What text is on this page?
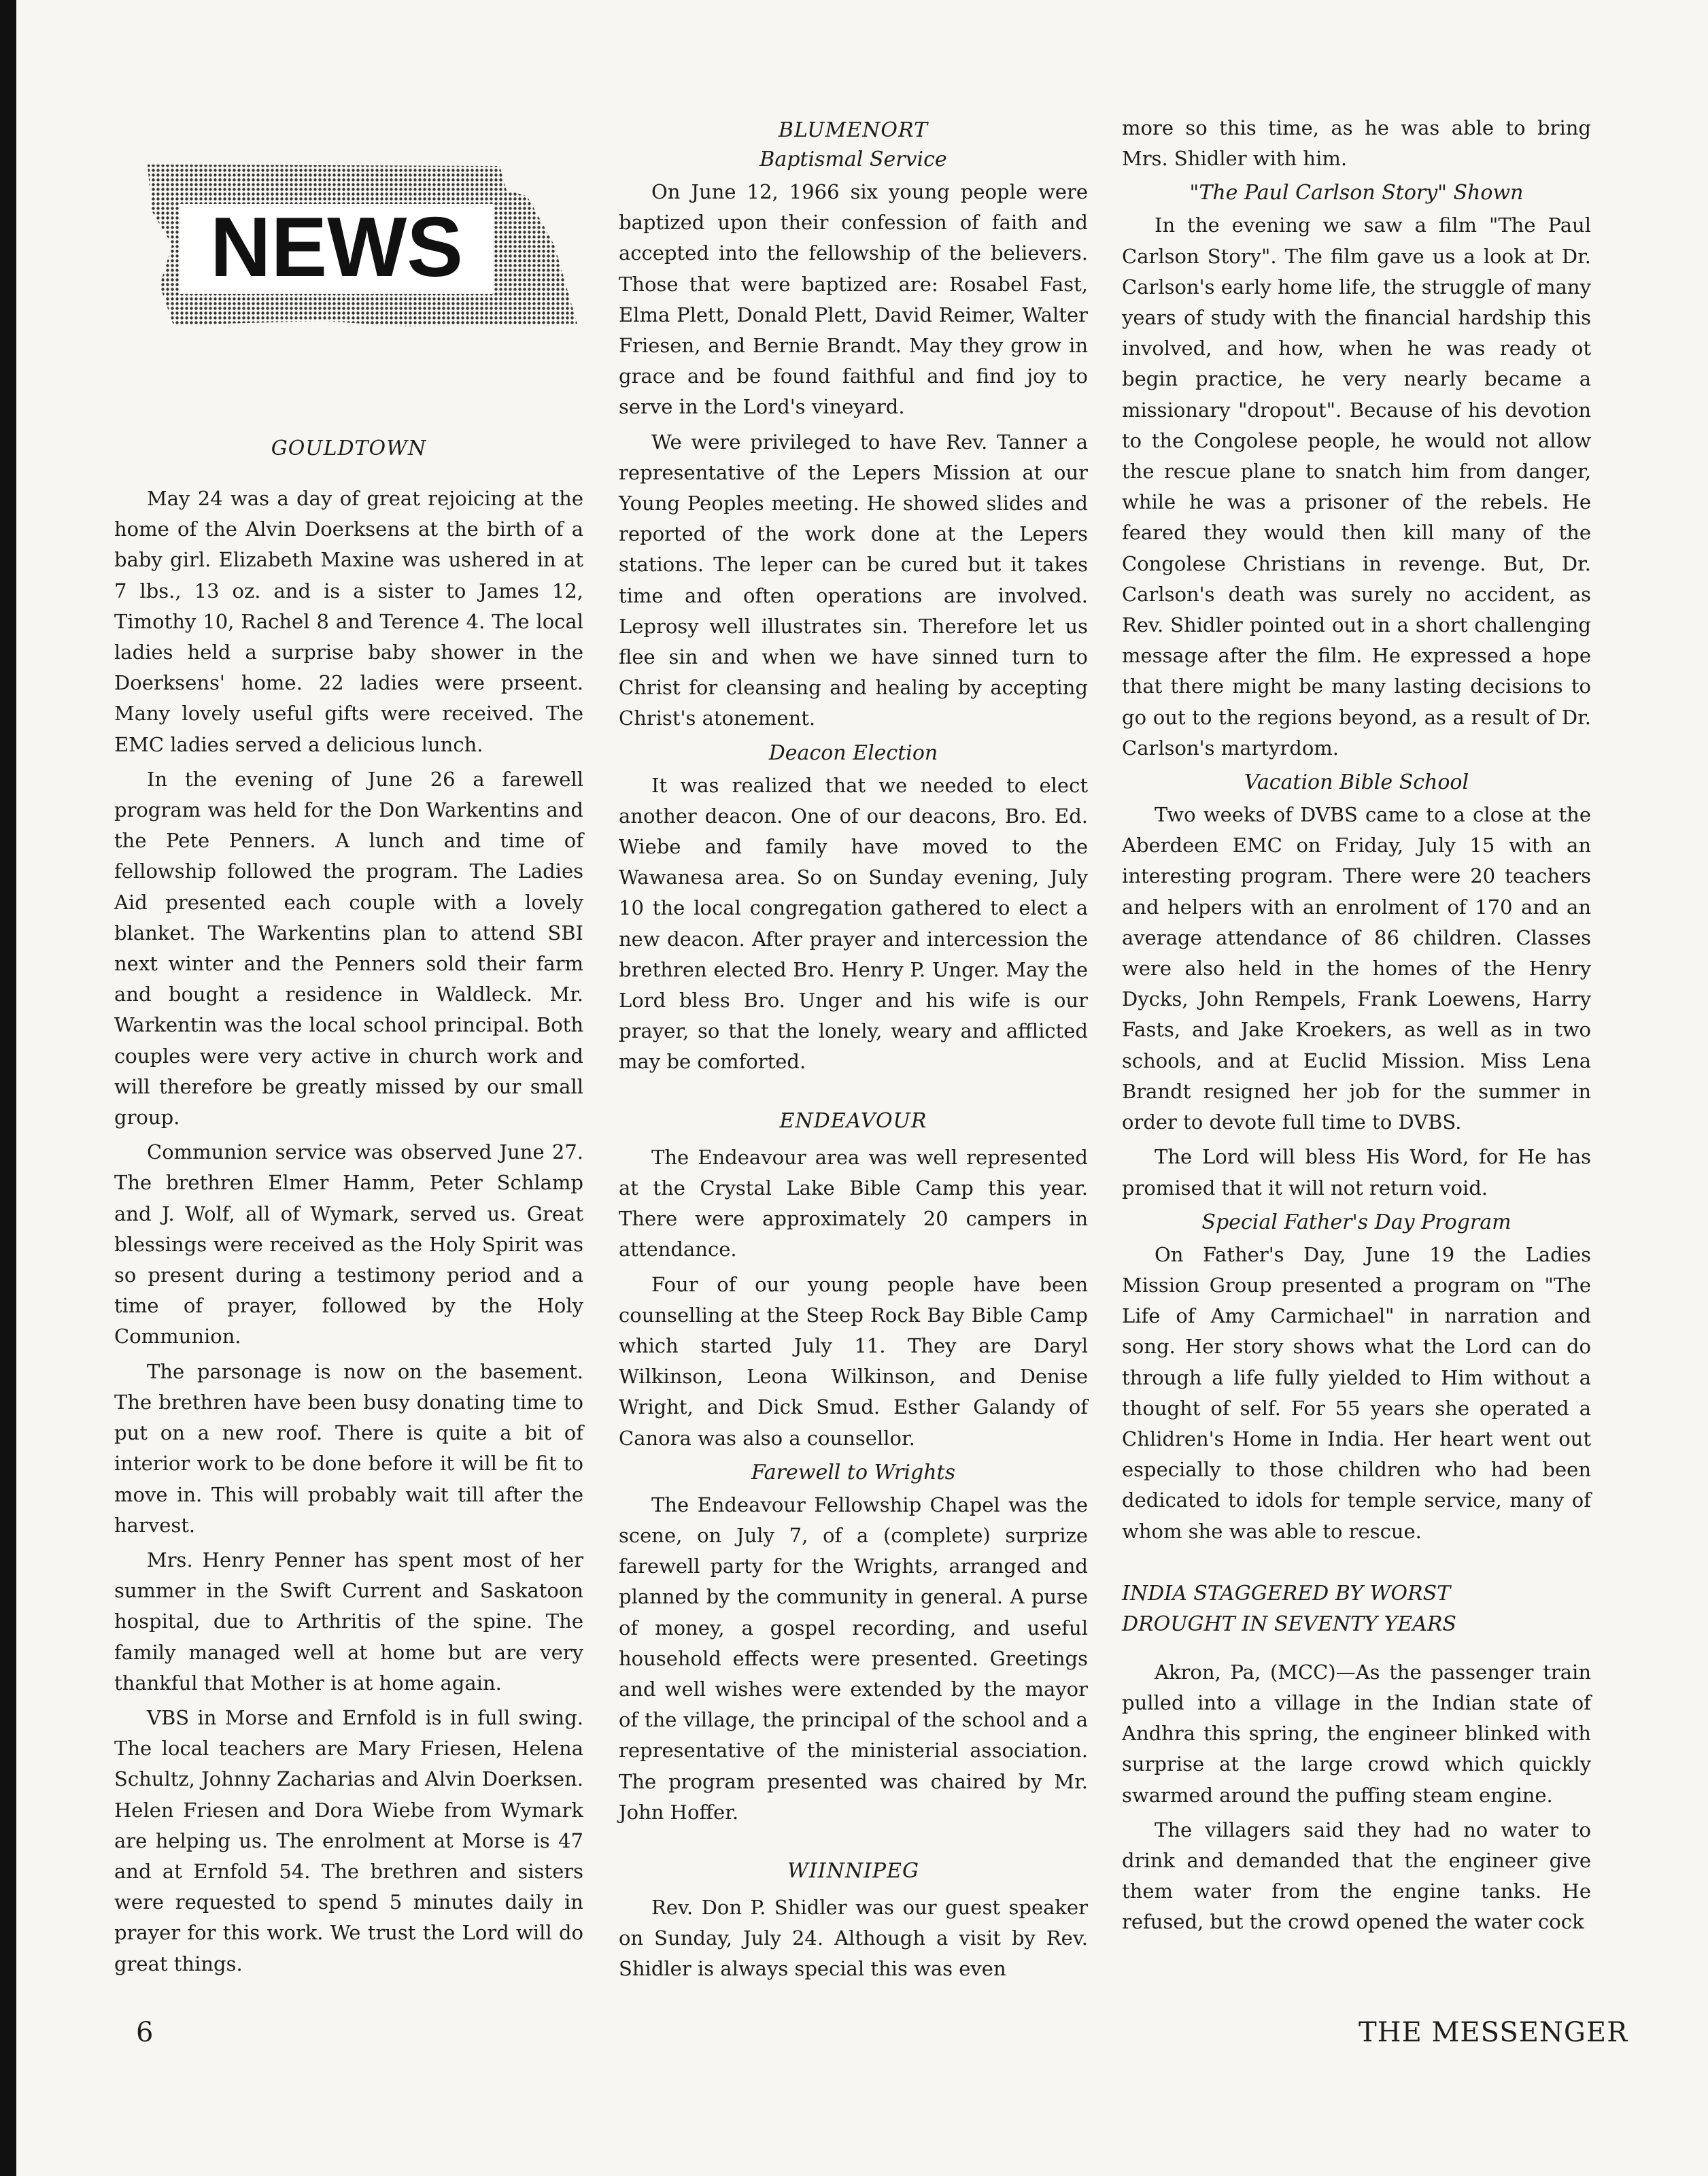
NEWS
GOULDTOWN

May 24 was a day of great rejoicing at the home of the Alvin Doerksens at the birth of a baby girl. Elizabeth Maxine was ushered in at 7 lbs., 13 oz. and is a sister to James 12, Timothy 10, Rachel 8 and Terence 4. The local ladies held a surprise baby shower in the Doerksens' home. 22 ladies were prseent. Many lovely useful gifts were received. The EMC ladies served a delicious lunch.

In the evening of June 26 a farewell program was held for the Don Warkentins and the Pete Penners. A lunch and time of fellowship followed the program. The Ladies Aid presented each couple with a lovely blanket. The Warkentins plan to attend SBI next winter and the Penners sold their farm and bought a residence in Waldleck. Mr. Warkentin was the local school principal. Both couples were very active in church work and will therefore be greatly missed by our small group.

Communion service was observed June 27. The brethren Elmer Hamm, Peter Schlamp and J. Wolf, all of Wymark, served us. Great blessings were received as the Holy Spirit was so present during a testimony period and a time of prayer, followed by the Holy Communion.

The parsonage is now on the basement. The brethren have been busy donating time to put on a new roof. There is quite a bit of interior work to be done before it will be fit to move in. This will probably wait till after the harvest.

Mrs. Henry Penner has spent most of her summer in the Swift Current and Saskatoon hospital, due to Arthritis of the spine. The family managed well at home but are very thankful that Mother is at home again.

VBS in Morse and Ernfold is in full swing. The local teachers are Mary Friesen, Helena Schultz, Johnny Zacharias and Alvin Doerksen. Helen Friesen and Dora Wiebe from Wymark are helping us. The enrolment at Morse is 47 and at Ernfold 54. The brethren and sisters were requested to spend 5 minutes daily in prayer for this work. We trust the Lord will do great things.

BLUMENORT
Baptismal Service

On June 12, 1966 six young people were baptized upon their confession of faith and accepted into the fellowship of the believers. Those that were baptized are: Rosabel Fast, Elma Plett, Donald Plett, David Reimer, Walter Friesen, and Bernie Brandt. May they grow in grace and be found faithful and find joy to serve in the Lord's vineyard.

We were privileged to have Rev. Tanner a representative of the Lepers Mission at our Young Peoples meeting. He showed slides and reported of the work done at the Lepers stations. The leper can be cured but it takes time and often operations are involved. Leprosy well illustrates sin. Therefore let us flee sin and when we have sinned turn to Christ for cleansing and healing by accepting Christ's atonement.

Deacon Election

It was realized that we needed to elect another deacon. One of our deacons, Bro. Ed. Wiebe and family have moved to the Wawanesa area. So on Sunday evening, July 10 the local congregation gathered to elect a new deacon. After prayer and intercession the brethren elected Bro. Henry P. Unger. May the Lord bless Bro. Unger and his wife is our prayer, so that the lonely, weary and afflicted may be comforted.

ENDEAVOUR

The Endeavour area was well represented at the Crystal Lake Bible Camp this year. There were approximately 20 campers in attendance.

Four of our young people have been counselling at the Steep Rock Bay Bible Camp which started July 11. They are Daryl Wilkinson, Leona Wilkinson, and Denise Wright, and Dick Smud. Esther Galandy of Canora was also a counsellor.

Farewell to Wrights

The Endeavour Fellowship Chapel was the scene, on July 7, of a (complete) surprize farewell party for the Wrights, arranged and planned by the community in general. A purse of money, a gospel recording, and useful household effects were presented. Greetings and well wishes were extended by the mayor of the village, the principal of the school and a representative of the ministerial association. The program presented was chaired by Mr. John Hoffer.

WIINNIPEG

Rev. Don P. Shidler was our guest speaker on Sunday, July 24. Although a visit by Rev. Shidler is always special this was even

more so this time, as he was able to bring Mrs. Shidler with him.

"The Paul Carlson Story" Shown

In the evening we saw a film "The Paul Carlson Story". The film gave us a look at Dr. Carlson's early home life, the struggle of many years of study with the financial hardship this involved, and how, when he was ready ot begin practice, he very nearly became a missionary "dropout". Because of his devotion to the Congolese people, he would not allow the rescue plane to snatch him from danger, while he was a prisoner of the rebels. He feared they would then kill many of the Congolese Christians in revenge. But, Dr. Carlson's death was surely no accident, as Rev. Shidler pointed out in a short challenging message after the film. He expressed a hope that there might be many lasting decisions to go out to the regions beyond, as a result of Dr. Carlson's martyrdom.

Vacation Bible School

Two weeks of DVBS came to a close at the Aberdeen EMC on Friday, July 15 with an interesting program. There were 20 teachers and helpers with an enrolment of 170 and an average attendance of 86 children. Classes were also held in the homes of the Henry Dycks, John Rempels, Frank Loewens, Harry Fasts, and Jake Kroekers, as well as in two schools, and at Euclid Mission. Miss Lena Brandt resigned her job for the summer in order to devote full time to DVBS.

The Lord will bless His Word, for He has promised that it will not return void.

Special Father's Day Program

On Father's Day, June 19 the Ladies Mission Group presented a program on "The Life of Amy Carmichael" in narration and song. Her story shows what the Lord can do through a life fully yielded to Him without a thought of self. For 55 years she operated a Chlidren's Home in India. Her heart went out especially to those children who had been dedicated to idols for temple service, many of whom she was able to rescue.

INDIA STAGGERED BY WORST
DROUGHT IN SEVENTY YEARS

Akron, Pa, (MCC)—As the passenger train pulled into a village in the Indian state of Andhra this spring, the engineer blinked with surprise at the large crowd which quickly swarmed around the puffing steam engine.

The villagers said they had no water to drink and demanded that the engineer give them water from the engine tanks. He refused, but the crowd opened the water cock

6	THE MESSENGER
